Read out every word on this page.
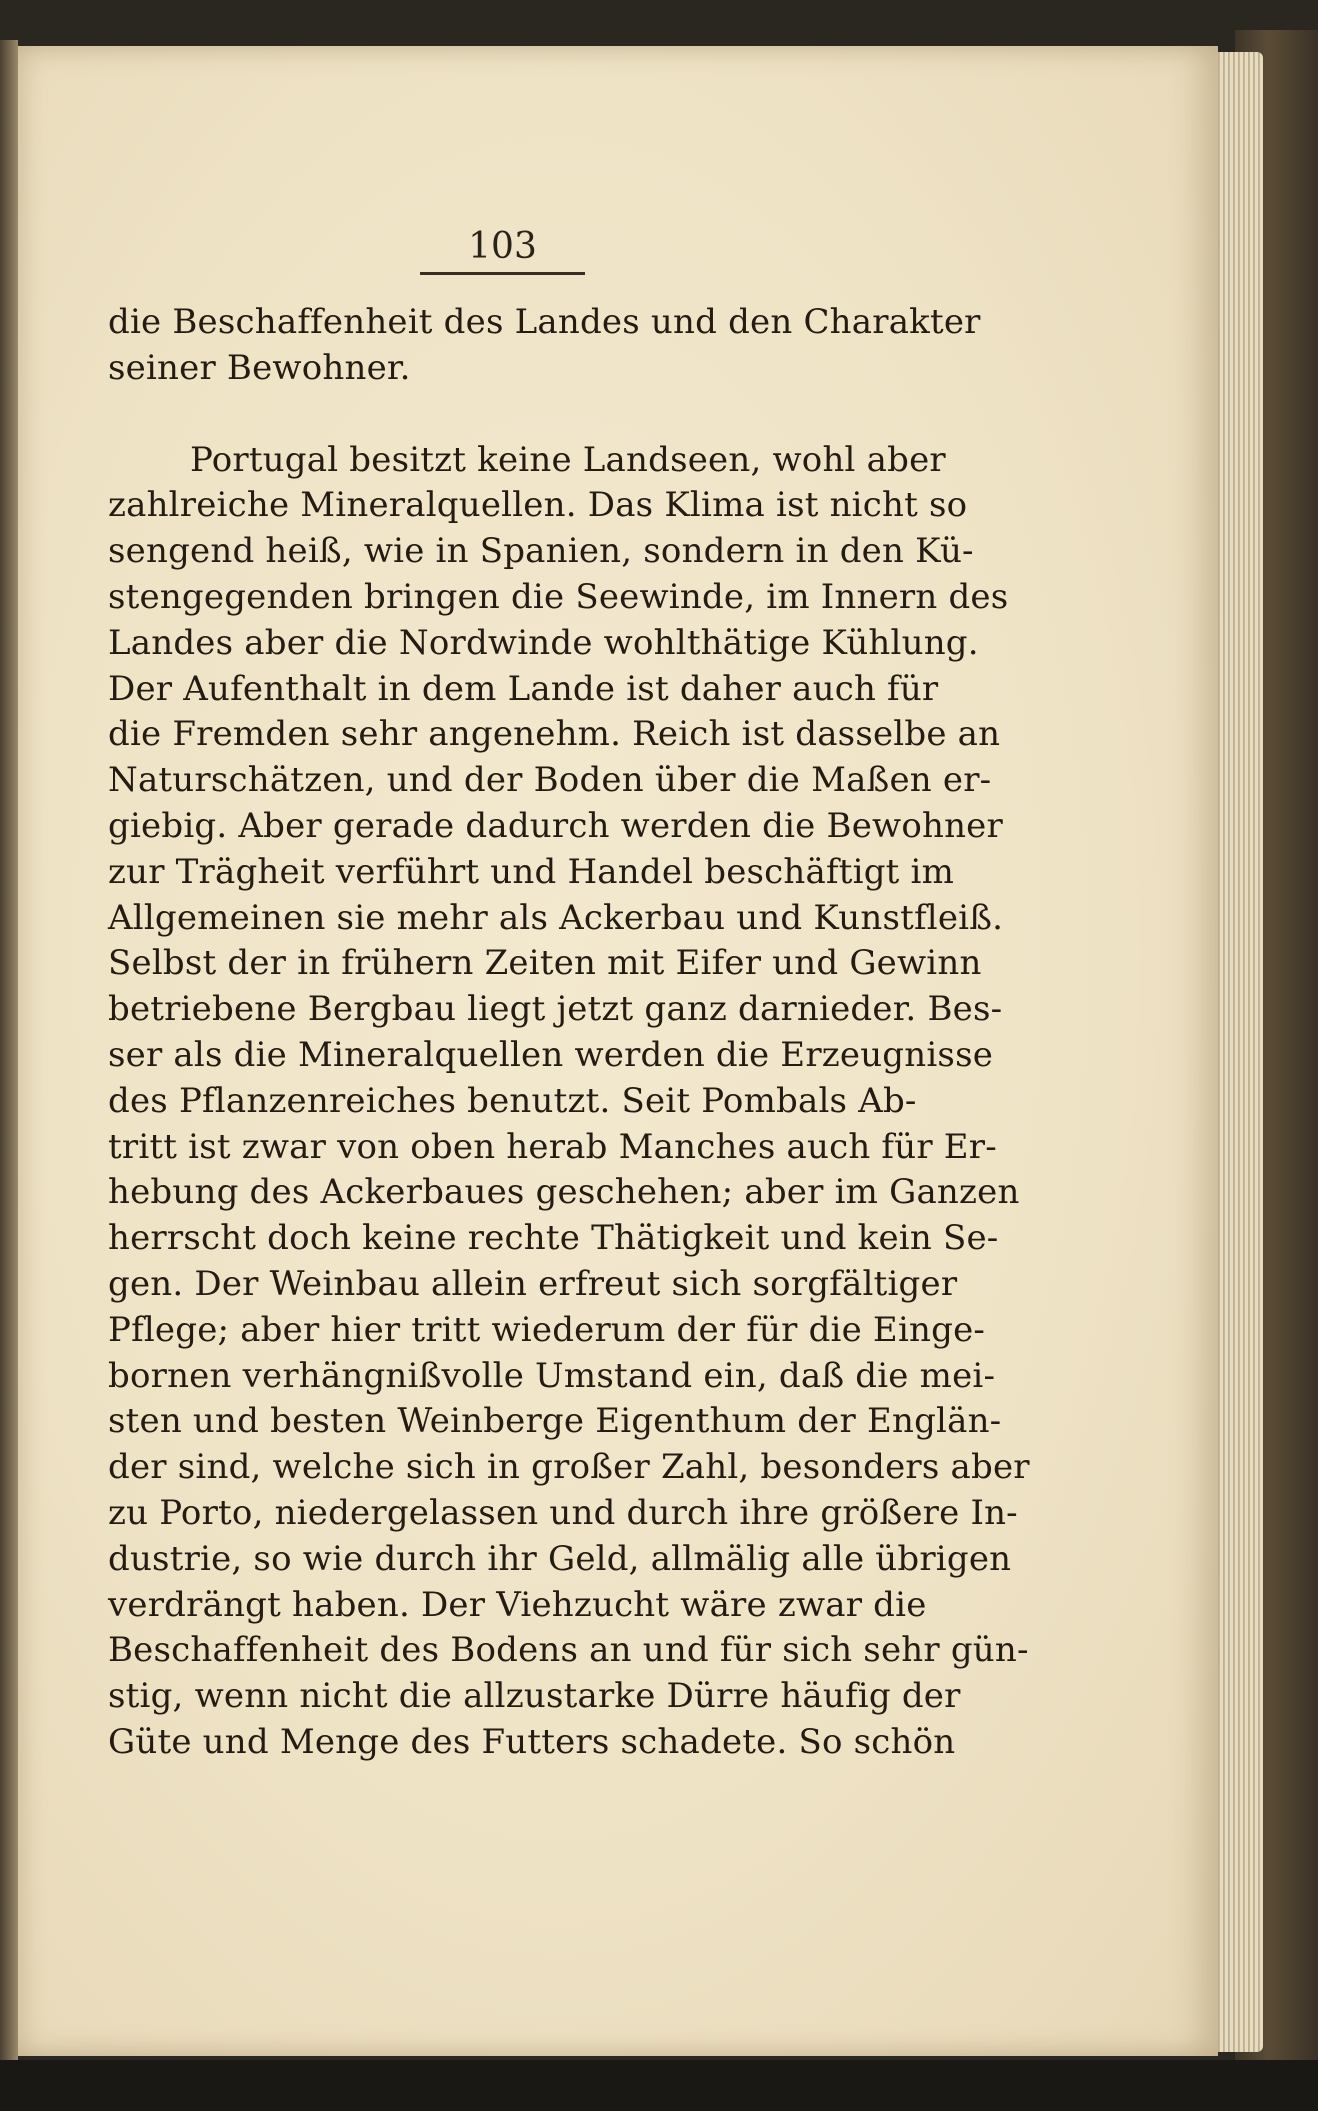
103
die Beschaffenheit des Landes und den Charakter
seiner Bewohner.
Portugal besitzt keine Landseen, wohl aber
zahlreiche Mineralquellen. Das Klima ist nicht so
sengend heiß, wie in Spanien, sondern in den Kü-
stengegenden bringen die Seewinde, im Innern des
Landes aber die Nordwinde wohlthätige Kühlung.
Der Aufenthalt in dem Lande ist daher auch für
die Fremden sehr angenehm. Reich ist dasselbe an
Naturschätzen, und der Boden über die Maßen er-
giebig. Aber gerade dadurch werden die Bewohner
zur Trägheit verführt und Handel beschäftigt im
Allgemeinen sie mehr als Ackerbau und Kunstfleiß.
Selbst der in frühern Zeiten mit Eifer und Gewinn
betriebene Bergbau liegt jetzt ganz darnieder. Bes-
ser als die Mineralquellen werden die Erzeugnisse
des Pflanzenreiches benutzt. Seit Pombals Ab-
tritt ist zwar von oben herab Manches auch für Er-
hebung des Ackerbaues geschehen; aber im Ganzen
herrscht doch keine rechte Thätigkeit und kein Se-
gen. Der Weinbau allein erfreut sich sorgfältiger
Pflege; aber hier tritt wiederum der für die Einge-
bornen verhängnißvolle Umstand ein, daß die mei-
sten und besten Weinberge Eigenthum der Englän-
der sind, welche sich in großer Zahl, besonders aber
zu Porto, niedergelassen und durch ihre größere In-
dustrie, so wie durch ihr Geld, allmälig alle übrigen
verdrängt haben. Der Viehzucht wäre zwar die
Beschaffenheit des Bodens an und für sich sehr gün-
stig, wenn nicht die allzustarke Dürre häufig der
Güte und Menge des Futters schadete. So schön
